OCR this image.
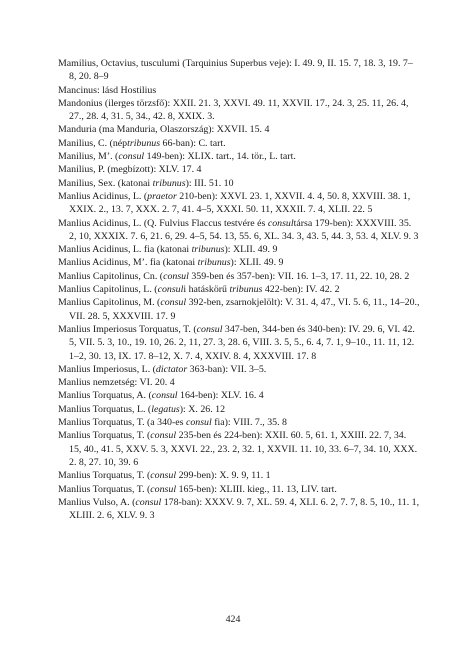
Mamilius, Octavius, tusculumi (Tarquinius Superbus veje): I. 49. 9, II. 15. 7, 18. 3, 19. 7–8, 20. 8–9

Mancinus: lásd Hostilius

Mandonius (ilerges törzsfő): XXII. 21. 3, XXVI. 49. 11, XXVII. 17., 24. 3, 25. 11, 26. 4, 27., 28. 4, 31. 5, 34., 42. 8, XXIX. 3.

Manduria (ma Manduria, Olaszország): XXVII. 15. 4

Manilius, C. (néptribunus 66-ban): C. tart.

Manilius, M’. (consul 149-ben): XLIX. tart., 14. tör., L. tart.

Manilius, P. (megbízott): XLV. 17. 4

Manilius, Sex. (katonai tribunus): III. 51. 10

Manlius Acidinus, L. (praetor 210-ben): XXVI. 23. 1, XXVII. 4. 4, 50. 8, XXVIII. 38. 1, XXIX. 2., 13. 7, XXX. 2. 7, 41. 4–5, XXXI. 50. 11, XXXII. 7. 4, XLII. 22. 5

Manlius Acidinus, L. (Q. Fulvius Flaccus testvére és consultársa 179-ben): XXXVIII. 35. 2, 10, XXXIX. 7. 6, 21. 6, 29. 4–5, 54. 13, 55. 6, XL. 34. 3, 43. 5, 44. 3, 53. 4, XLV. 9. 3

Manlius Acidinus, L. fia (katonai tribunus): XLII. 49. 9

Manlius Acidinus, M’. fia (katonai tribunus): XLII. 49. 9

Manlius Capitolinus, Cn. (consul 359-ben és 357-ben): VII. 16. 1–3, 17. 11, 22. 10, 28. 2

Manlius Capitolinus, L. (consuli hatáskörű tribunus 422-ben): IV. 42. 2

Manlius Capitolinus, M. (consul 392-ben, zsarnokjelölt): V. 31. 4, 47., VI. 5. 6, 11., 14–20., VII. 28. 5, XXXVIII. 17. 9

Manlius Imperiosus Torquatus, T. (consul 347-ben, 344-ben és 340-ben): IV. 29. 6, VI. 42. 5, VII. 5. 3, 10., 19. 10, 26. 2, 11, 27. 3, 28. 6, VIII. 3. 5, 5., 6. 4, 7. 1, 9–10., 11. 11, 12. 1–2, 30. 13, IX. 17. 8–12, X. 7. 4, XXIV. 8. 4, XXXVIII. 17. 8

Manlius Imperiosus, L. (dictator 363-ban): VII. 3–5.

Manlius nemzetség: VI. 20. 4

Manlius Torquatus, A. (consul 164-ben): XLV. 16. 4

Manlius Torquatus, L. (legatus): X. 26. 12

Manlius Torquatus, T. (a 340-es consul fia): VIII. 7., 35. 8

Manlius Torquatus, T. (consul 235-ben és 224-ben): XXII. 60. 5, 61. 1, XXIII. 22. 7, 34. 15, 40., 41. 5, XXV. 5. 3, XXVI. 22., 23. 2, 32. 1, XXVII. 11. 10, 33. 6–7, 34. 10, XXX. 2. 8, 27. 10, 39. 6

Manlius Torquatus, T. (consul 299-ben): X. 9. 9, 11. 1

Manlius Torquatus, T. (consul 165-ben): XLIII. kieg., 11. 13, LIV. tart.

Manlius Vulso, A. (consul 178-ban): XXXV. 9. 7, XL. 59. 4, XLI. 6. 2, 7. 7, 8. 5, 10., 11. 1, XLIII. 2. 6, XLV. 9. 3

424
